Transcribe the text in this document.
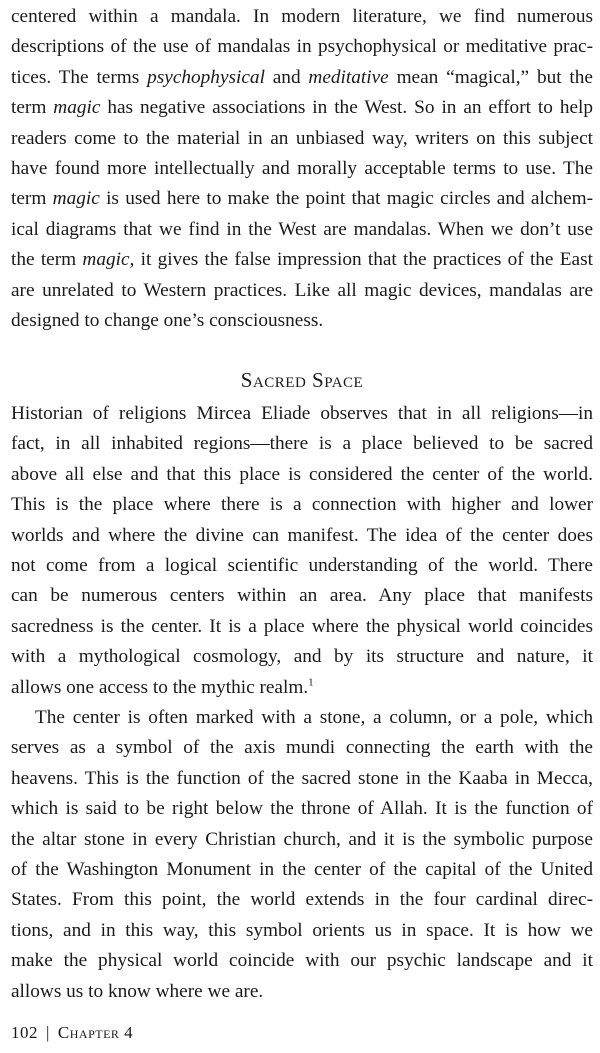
centered within a mandala. In modern literature, we find numerous
descriptions of the use of mandalas in psychophysical or meditative prac-
tices. The terms psychophysical and meditative mean “magical,” but the
term magic has negative associations in the West. So in an effort to help
readers come to the material in an unbiased way, writers on this subject
have found more intellectually and morally acceptable terms to use. The
term magic is used here to make the point that magic circles and alchem-
ical diagrams that we find in the West are mandalas. When we don’t use
the term magic, it gives the false impression that the practices of the East
are unrelated to Western practices. Like all magic devices, mandalas are
designed to change one’s consciousness.
Sacred Space
Historian of religions Mircea Eliade observes that in all religions—in
fact, in all inhabited regions—there is a place believed to be sacred
above all else and that this place is considered the center of the world.
This is the place where there is a connection with higher and lower
worlds and where the divine can manifest. The idea of the center does
not come from a logical scientific understanding of the world. There
can be numerous centers within an area. Any place that manifests
sacredness is the center. It is a place where the physical world coincides
with a mythological cosmology, and by its structure and nature, it
allows one access to the mythic realm.$^1$
The center is often marked with a stone, a column, or a pole, which
serves as a symbol of the axis mundi connecting the earth with the
heavens. This is the function of the sacred stone in the Kaaba in Mecca,
which is said to be right below the throne of Allah. It is the function of
the altar stone in every Christian church, and it is the symbolic purpose
of the Washington Monument in the center of the capital of the United
States. From this point, the world extends in the four cardinal direc-
tions, and in this way, this symbol orients us in space. It is how we
make the physical world coincide with our psychic landscape and it
allows us to know where we are.
102 | Chapter 4
